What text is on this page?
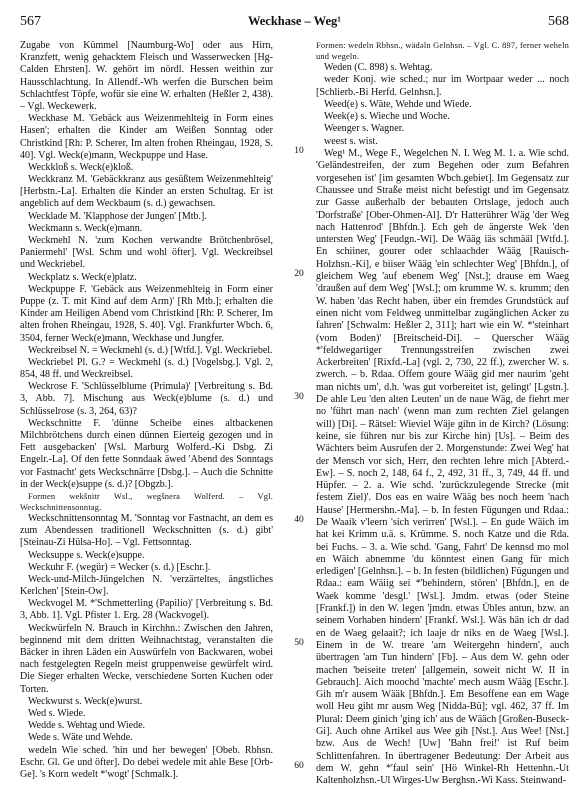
567	Weckhase – Weg¹	568

Zugabe von Kümmel [Naumburg-Wo] oder aus Hirn, Kranzfett, wenig gehacktem Fleisch und Wasserwecken [Hg-Calden Ehrsten]. W. gehört im nördl. Hessen weithin zur Hausschlachtung. In Allendf.-Wh werfen die Burschen beim Schlachtfest Töpfe, wofür sie eine W. erhalten (Heßler 2, 438). – Vgl. Weckewerk.

Weckhase M. 'Gebäck aus Weizenmehlteig in Form eines Hasen'; erhalten die Kinder am Weißen Sonntag oder Christkind [Rh: P. Scherer, Im alten frohen Rheingau, 1928, S. 40]. Vgl. Weck(e)mann, Weckpuppe und Hase.

Weckkloß s. Weck(e)kloß.

Weckkranz M. 'Gebäckkranz aus gesüßtem Weizenmehlteig' [Herbstn.-La]. Erhalten die Kinder an ersten Schultag. Er ist angeblich auf dem Weckbaum (s. d.) gewachsen.

Wecklade M. 'Klapphose der Jungen' [Mtb.].

Weckmann s. Weck(e)mann.

Weckmehl N. 'zum Kochen verwandte Brötchenbrösel, Paniermehl' [Wsl. Schm und wohl öfter]. Vgl. Weckreibsel und Weckriebel.

Weckplatz s. Weck(e)platz.

Weckpuppe F. 'Gebäck aus Weizenmehlteig in Form einer Puppe (z. T. mit Kind auf dem Arm)' [Rh Mtb.]; erhalten die Kinder am Heiligen Abend vom Christkind [Rh: P. Scherer, Im alten frohen Rheingau, 1928, S. 40]. Vgl. Frankfurter Wbch. 6, 3504, ferner Weck(e)mann, Weckhase und Jungfer.

Weckreibsel N. = Weckmehl (s. d.) [Wtfd.]. Vgl. Weckriebel.

Weckriebel Pl. G.? = Weckmehl (s. d.) [Vogelsbg.]. Vgl. 2, 854, 48 ff. und Weckreibsel.

Weckrose F. 'Schlüsselblume (Primula)' [Verbreitung s. Bd. 3, Abb. 7]. Mischung aus Weck(e)blume (s. d.) und Schlüsselrose (s. 3, 264, 63)?

Weckschnitte F. 'dünne Scheibe eines altbackenen Milchbrötchens durch einen dünnen Eierteig gezogen und in Fett ausgebacken' [Wsl. Marburg Wolferd.-Ki Dsbg. Zi Engelr.-La]. Of den fette Sonndaak äwed 'Abend des Sonntags vor Fastnacht' gets Weckschnärre [Dsbg.]. – Auch die Schnitte in der Weck(e)suppe (s. d.)? [Obgzb.].

Formen wekšnitr Wsl., wegšnera Wolferd. – Vgl. Weckschnittensonntag.

Weckschnittensonntag M. 'Sonntag vor Fastnacht, an dem es zum Abendessen traditionell Weckschnitten (s. d.) gibt' [Steinau-Zi Hülsa-Ho]. – Vgl. Fettsonntag.

Wecksuppe s. Weck(e)suppe.

Weckuhr F. (wegür) = Wecker (s. d.) [Eschr.].

Weck-und-Milch-Jüngelchen N. 'verzärteltes, ängstliches Kerlchen' [Stein-Ow].

Weckvogel M. *'Schmetterling (Papilio)' [Verbreitung s. Bd. 3, Abb. 1]. Vgl. Pfister 1. Erg. 28 (Wackvogel).

Weckwürfeln N. Brauch in Kirchhn.: Zwischen den Jahren, beginnend mit dem dritten Weihnachtstag, veranstalten die Bäcker in ihren Läden ein Auswürfeln von Backwaren, wobei nach festgelegten Regeln meist gruppenweise gewürfelt wird. Die Sieger erhalten Wecke, verschiedene Sorten Kuchen oder Torten.

Weckwurst s. Weck(e)wurst.

Wed s. Wiede.

Wedde s. Wehtag und Wiede.

Wede s. Wäte und Wehde.

wedeln Wie sched. 'hin und her bewegen' [Obeb. Rbhsn. Eschr. Gl. Ge und öfter]. Do debei wedele mit ahle Bese [Orb-Ge]. 's Korn wedelt *'wogt' [Schmalk.].

10
20
30
40
50
60

Formen: wedeln Rbhsn., wädəln Gelnhsn. – Vgl. C. 897, ferner weheln und wegeln.

Weden (C. 898) s. Wehtag.

weder Konj. wie sched.; nur im Wortpaar weder ... noch [Schlierb.-Bi Herfd. Gelnhsn.].

Weed(e) s. Wäte, Wehde und Wiede.

Week(e) s. Wieche und Woche.

Weenger s. Wagner.

weest s. wist.

Weg¹ M., Wege F., Wegelchen N. I. Weg M. 1. a. Wie schd. 'Geländestreifen, der zum Begehen oder zum Befahren vorgesehen ist' [im gesamten Wbch.gebiet]. Im Gegensatz zur Chaussee und Straße meist nicht befestigt und im Gegensatz zur Gasse außerhalb der bebauten Ortslage, jedoch auch 'Dorfstraße' [Ober-Ohmen-Al]. D'r Hatterührer Wäg 'der Weg nach Hattenrod' [Bhfdn.]. Ech geh de ängerste Wek 'den untersten Weg' [Feudgn.-Wi]. De Wääg iäs schmääl [Wtfd.]. En schiiner, gourer oder schlaachder Wääg [Rauisch-Holzhsn.-Ki], e biiser Wääg 'ein schlechter Weg' [Bhfdn.], of gleichem Weg 'auf ebenem Weg' [Nst.]; drause em Waeg 'draußen auf dem Weg' [Wsl.]; om krumme W. s. krumm; den W. haben 'das Recht haben, über ein fremdes Grundstück auf einen nicht vom Feldweg unmittelbar zugänglichen Acker zu fahren' [Schwalm: Heßler 2, 311]; hart wie ein W. *'steinhart (vom Boden)' [Breitscheid-Di]. – Querscher Wääg *'feldwegartiger Trennungsstreifen zwischen zwei Ackerbreiten' [Rixfd.-La] (vgl. 2, 730, 22 ff.), zwercher W. s. zwerch. – b. Rdaa. Offem goure Wääg gid mer naurim 'geht man nichts um', d.h. 'was gut vorbereitet ist, gelingt' [Lgstn.]. De ahle Leu 'den alten Leuten' un de naue Wäg, de fiehrt mer no 'führt man nach' (wenn man zum rechten Ziel gelangen will) [Di]. – Rätsel: Wieviel Wäje gihn in de Kirch? (Lösung: keine, sie führen nur bis zur Kirche hin) [Us]. – Beim des Wächters beim Ausrufen der 2. Morgenstunde: Zwei Weg' hat der Mensch vor sich, Herr, den rechten lehre mich [Abterd.-Ew]. – S. noch 2, 148, 64 f., 2, 492, 31 ff., 3, 749, 44 ff. und Hüpfer. – 2. a. Wie schd. 'zurückzulegende Strecke (mit festem Ziel)'. Dos eas en waire Wääg bes noch heem 'nach Hause' [Hermershn.-Ma]. – b. In festen Fügungen und Rdaa.: De Waaik v'leern 'sich verirren' [Wsl.]. – En gude Wäich im hat kei Krimm u.ä. s. Krümme. S. noch Katze und die Rda. bei Fuchs. – 3. a. Wie schd. 'Gang, Fahrt' De kennsd mo mol en Wäich abnemme 'du könntest einen Gang für mich erledigen' [Gelnhsn.]. – b. In festen (bildlichen) Fügungen und Rdaa.: eam Wäiig sei *'behindern, stören' [Bhfdn.], en de Waek komme 'desgl.' [Wsl.]. Jmdm. etwas (oder Steine [Frankf.]) in den W. legen 'jmdn. etwas Übles antun, bzw. an seinem Vorhaben hindern' [Frankf. Wsl.]. Wäs hän ich dr dad en de Waeg gelaait?; ich laaje dr niks en de Waeg [Wsl.]. Einem in de W. treare 'am Weitergehn hindern', auch übertragen 'am Tun hindern' [Fb]. – Aus dem W. gehn oder machen 'beiseite treten' [allgemein, soweit nicht W. II in Gebrauch]. Aich moochd 'machte' mech ausm Wääg [Eschr.]. Gih m'r ausem Wääk [Bhfdn.]. Em Besoffene ean em Wage woll Heu giht mr ausm Weg [Nidda-Bü]; vgl. 462, 37 ff. Im Plural: Deem ginich 'ging ich' aus de Wääch [Großen-Buseck-Gi]. Auch ohne Artikel aus Wee gih [Nst.]. Aus Wee! [Nst.] bzw. Aus de Wech! [Uw] 'Bahn frei!' ist Ruf beim Schlittenfahren. In übertragener Bedeutung: Der Arbeit aus dem W. gehn *'faul sein' [Hö Winkel-Rh Hettenhn.-Ut Kaltenholzhsn.-Ul Wirges-Uw Berghsn.-Wi Kass. Steinwand-
